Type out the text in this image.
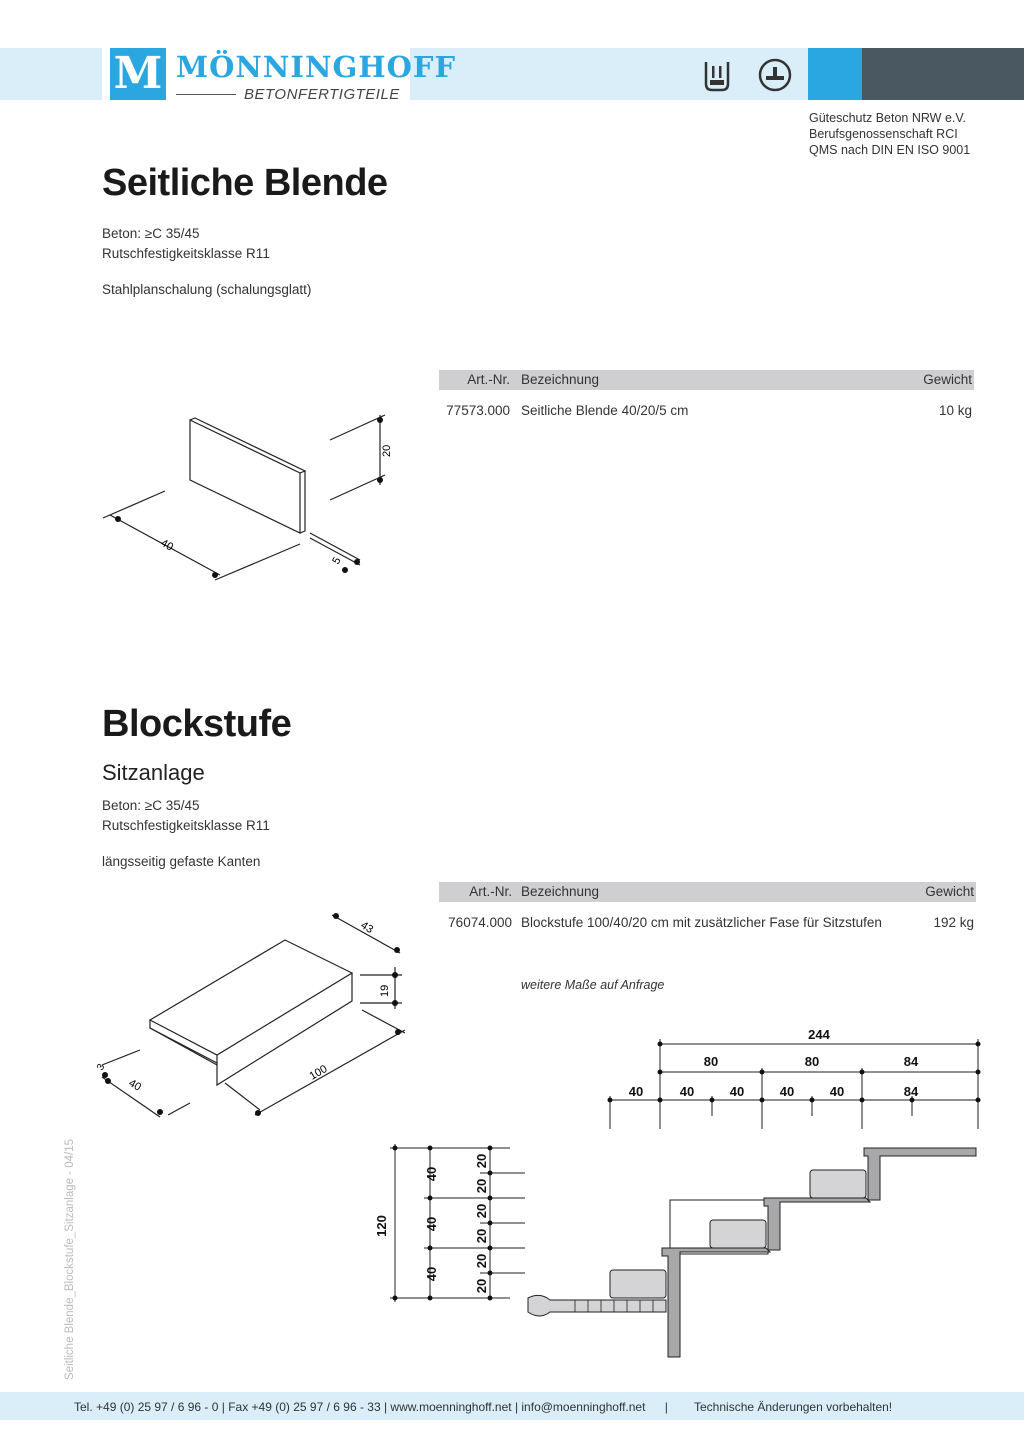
M MÖNNINGHOFF
BETONFERTIGTEILE
Güteschutz Beton NRW e.V.
Berufsgenossenschaft RCI
QMS nach DIN EN ISO 9001
Seitliche Blende
Beton: ≥C 35/45
Rutschfestigkeitsklasse R11
Stahlplanschalung (schalungsglatt)
Art.-Nr. Bezeichnung	Gewicht
77573.000 Seitliche Blende 40/20/5 cm	10 kg
40
20
5
Blockstufe
Sitzanlage
Beton: ≥C 35/45
Rutschfestigkeitsklasse R11
längsseitig gefaste Kanten
Art.-Nr. Bezeichnung	Gewicht
76074.000 Blockstufe 100/40/20 cm mit zusätzlicher Fase für Sitzstufen	192 kg
weitere Maße auf Anfrage
43
19
100
40
3
244
80	80	84
40	40	40	40	40	84
120
40
40
40
20
20
20
20
20
20
Seitliche Blende_Blockstufe_Sitzanlage - 04/15
Tel. +49 (0) 25 97 / 6 96 - 0 | Fax +49 (0) 25 97 / 6 96 - 33 | www.moenninghoff.net | info@moenninghoff.net | Technische Änderungen vorbehalten!
